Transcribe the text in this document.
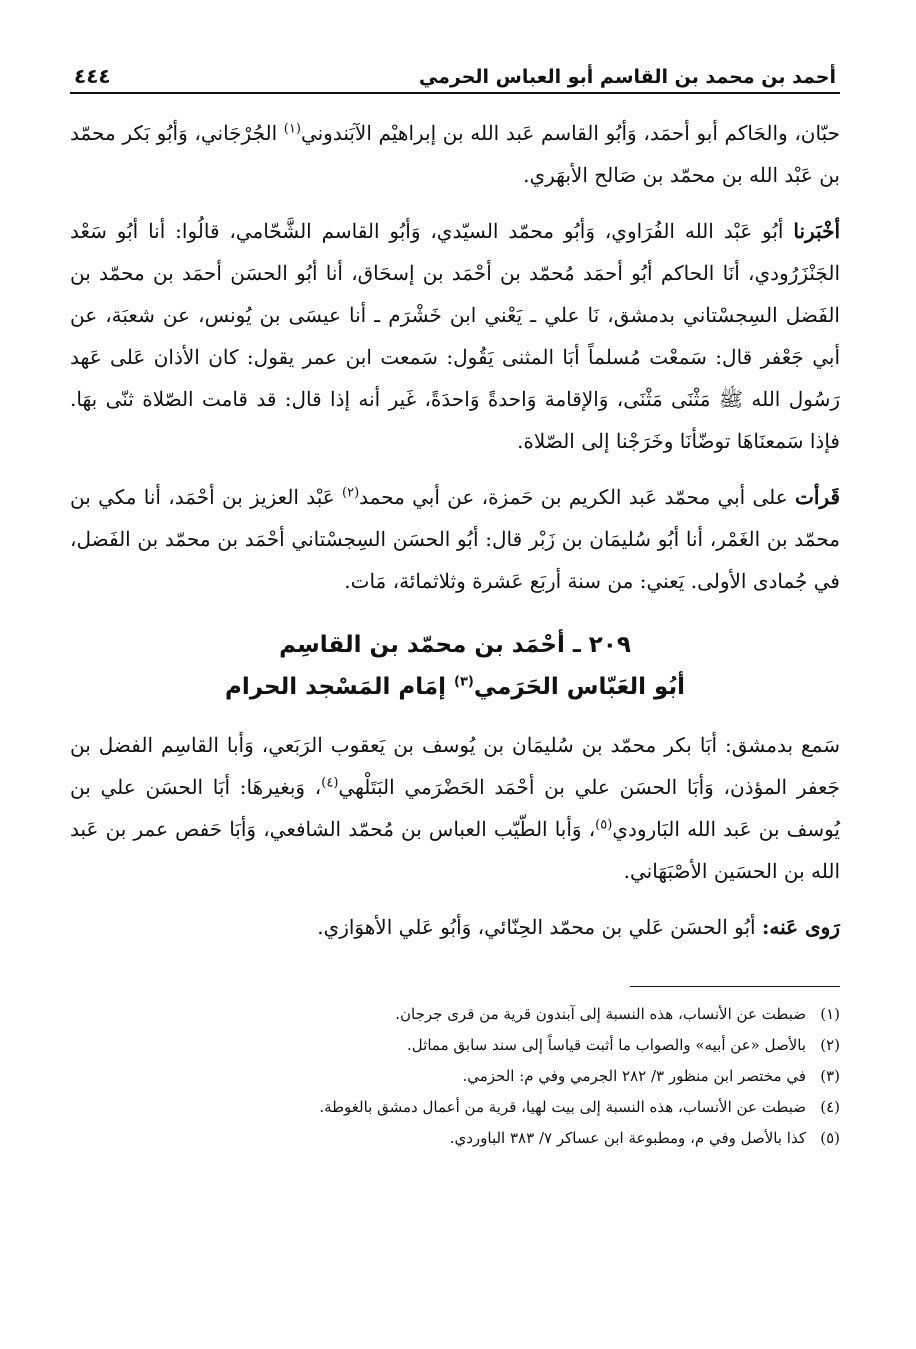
أحمد بن محمد بن القاسم أبو العباس الحرمي
٤٤٤

حبّان، والحَاكم أبو أحمَد، وَأبُو القاسم عَبد الله بن إبراهيْم الآبَندوني$^{(١)}$ الجُرْجَاني، وَأبُو بَكر محمّد بن عَبْد الله بن محمّد بن صَالح الأبهَري.

أخْبَرنا أبُو عَبْد الله الفُرَاوي، وَأبُو محمّد السيّدي، وَأبُو القاسم الشَّحّامي، قالُوا: أنا أبُو سَعْد الجَنْزَرُودي، أنَا الحاكم أبُو أحمَد مُحمّد بن أحْمَد بن إسحَاق، أنا أبُو الحسَن أحمَد بن محمّد بن الفَضل السِجسْتاني بدمشق، نَا علي ـ يَعْني ابن خَشْرَم ـ أنا عيسَى بن يُونس، عن شعبَة، عن أبي جَعْفر قال: سَمعْت مُسلماً أبَا المثنى يَقُول: سَمعت ابن عمر يقول: كان الأذان عَلى عَهد رَسُول الله ﷺ مَثْنَى مَثْنَى، وَالإقامة وَاحدةً وَاحدَةً، غَير أنه إذا قال: قد قامت الصّلاة ثنّى بهَا. فإذا سَمعنَاهَا توضّأنَا وخَرَجْنا إلى الصّلاة.

قَرأت على أبي محمّد عَبد الكريم بن حَمزة، عن أبي محمد$^{(٢)}$ عَبْد العزيز بن أحْمَد، أنا مكي بن محمّد بن الغَمْر، أنا أبُو سُليمَان بن زَبْر قال: أبُو الحسَن السِجسْتاني أحْمَد بن محمّد بن الفَضل، في جُمادى الأولى. يَعني: من سنة أربَع عَشرة وثلاثمائة، مَات.

٢٠٩ ـ أحْمَد بن محمّد بن القاسِم
أبُو العَبّاس الحَرَمي$^{(٣)}$ إمَام المَسْجد الحرام

سَمع بدمشق: أبَا بكر محمّد بن سُليمَان بن يُوسف بن يَعقوب الرَبَعي، وَأبا القاسِم الفضل بن جَعفر المؤذن، وَأبَا الحسَن علي بن أحْمَد الحَضْرَمي البَتَلْهي$^{(٤)}$، وَبغيرهَا: أبَا الحسَن علي بن يُوسف بن عَبد الله البَارودي$^{(٥)}$، وَأبا الطّيّب العباس بن مُحمّد الشافعي، وَأبَا حَفص عمر بن عَبد الله بن الحسَين الأصْبَهَاني.

رَوى عَنه: أبُو الحسَن عَلي بن محمّد الحِنّائي، وَأبُو عَلي الأهوَازي.

(١)
ضبطت عن الأنساب، هذه النسبة إلى آبندون قرية من قرى جرجان.
(٢)
بالأصل «عن أبيه» والصواب ما أثبت قياساً إلى سند سابق مماثل.
(٣)
في مختصر ابن منظور ٣/ ٢٨٢ الجرمي وفي م: الحزمي.
(٤)
ضبطت عن الأنساب، هذه النسبة إلى بيت لهيا، قرية من أعمال دمشق بالغوطة.
(٥)
كذا بالأصل وفي م، ومطبوعة ابن عساكر ٧/ ٣٨٣ الباوردي.
